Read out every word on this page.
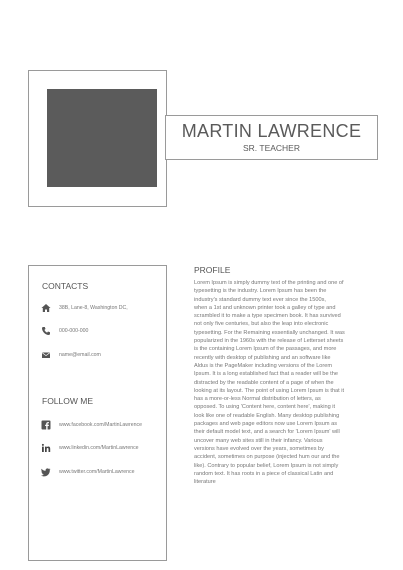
MARTIN LAWRENCE
SR. TEACHER
CONTACTS
38B, Lane-8, Washington DC,
000-000-000
name@email.com
FOLLOW ME
www.facebook.com/MartinLawrence
www.linkedin.com/MartinLawrence
www.twitter.com/MartinLawrence
PROFILE
Lorem Ipsum is simply dummy text of the printing and one of
typesetting is the industry. Lorem Ipsum has been the
industry's standard dummy text ever since the 1500s,
when a 1st and unknown printer took a galley of type and
scrambled it to make a type specimen book. It has survived
not only five centuries, but also the leap into electronic
typesetting. For the Remaining essentially unchanged. It was
popularized in the 1960s with the release of Letterset sheets
is the containing Lorem Ipsum of the passages, and more
recently with desktop of publishing and an software like
Aldus is the PageMaker including versions of the Lorem
Ipsum. It is a long established fact that a reader will be the
distracted by the readable content of a page of when the
looking at its layout. The point of using Lorem Ipsum is that it
has a more-or-less Normal distribution of letters, as
opposed. To using 'Content here, content here', making it
look like one of readable English. Many desktop publishing
packages and web page editors now use Lorem Ipsum as
their default model text, and a search for 'Lorem Ipsum' will
uncover many web sites still in their infancy. Various
versions have evolved over the years, sometimes by
accident, sometimes on purpose (injected hum our and the
like). Contrary to popular belief, Lorem Ipsum is not simply
random text. It has roots in a piece of classical Latin and
literature
